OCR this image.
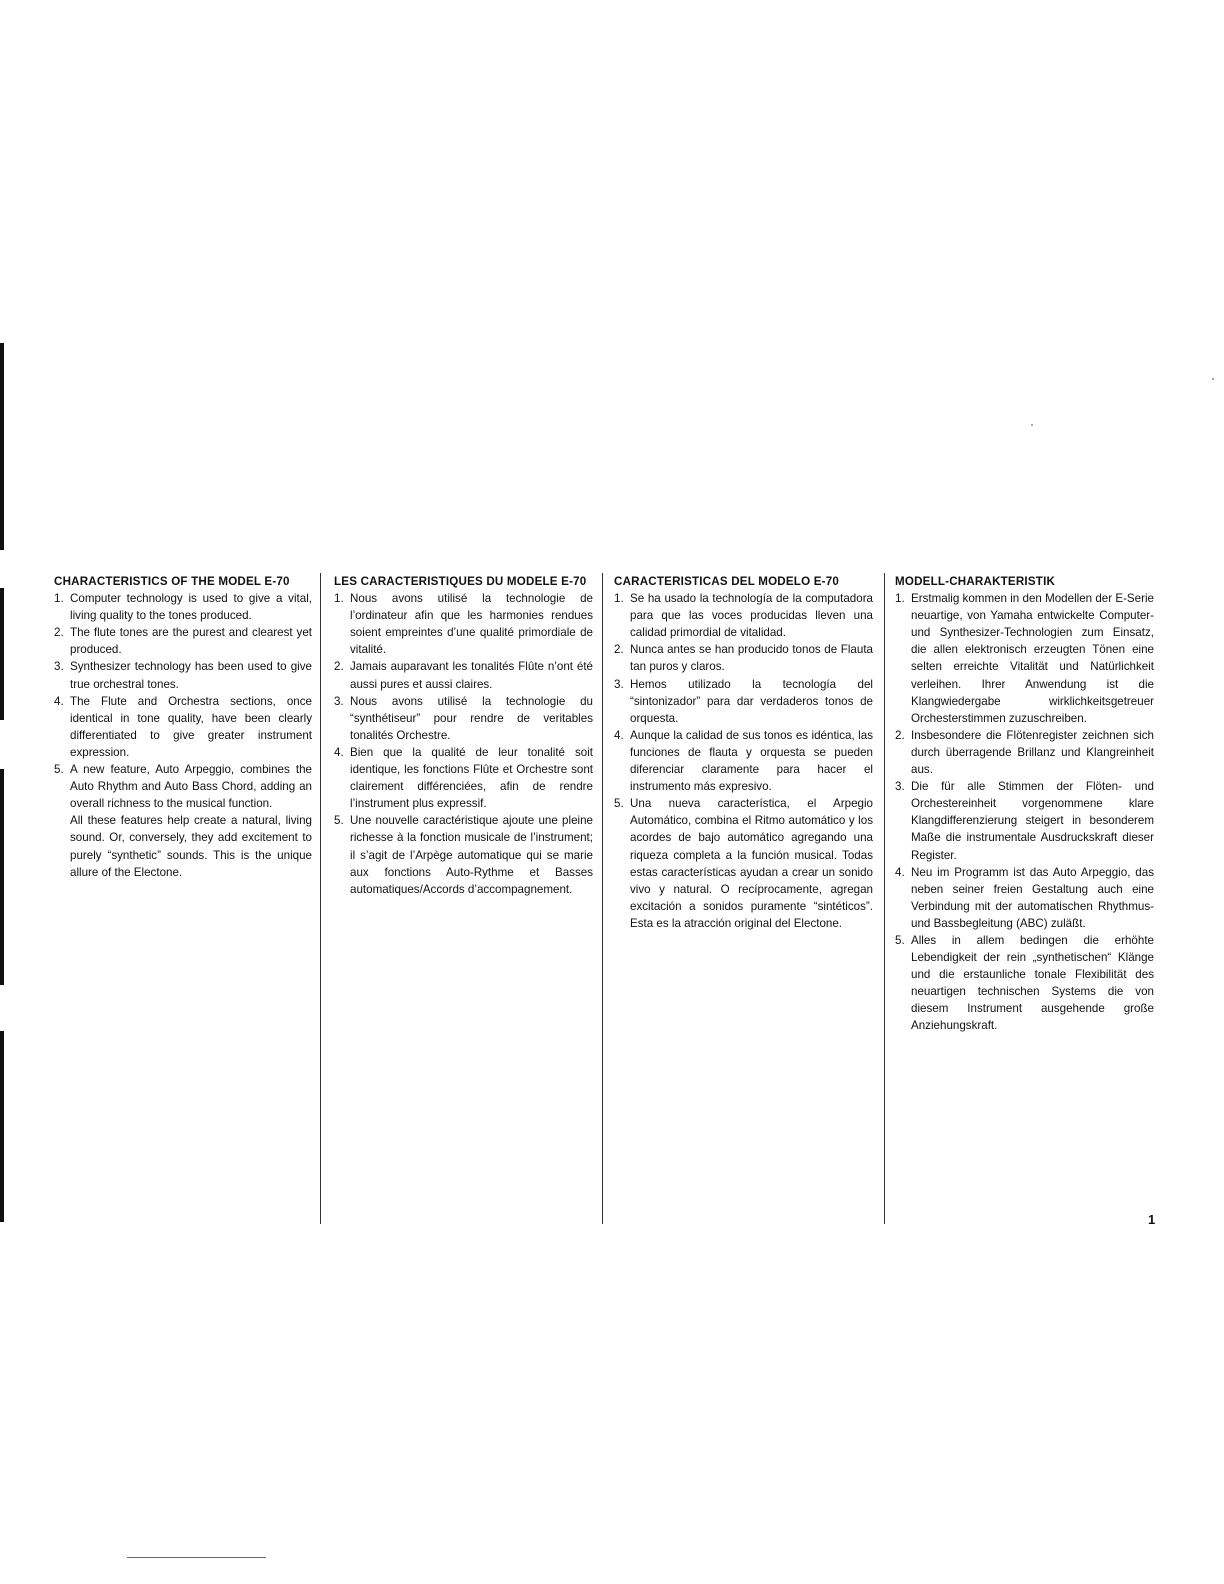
CHARACTERISTICS OF THE MODEL E-70

1. Computer technology is used to give a vital, living quality to the tones produced.
2. The flute tones are the purest and clearest yet produced.
3. Synthesizer technology has been used to give true orchestral tones.
4. The Flute and Orchestra sections, once identical in tone quality, have been clearly differentiated to give greater instrument expression.
5. A new feature, Auto Arpeggio, combines the Auto Rhythm and Auto Bass Chord, adding an overall richness to the musical function.

All these features help create a natural, living sound. Or, conversely, they add excitement to purely “synthetic” sounds. This is the unique allure of the Electone.

LES CARACTERISTIQUES DU MODELE E-70

1. Nous avons utilisé la technologie de l’ordinateur afin que les harmonies rendues soient empreintes d’une qualité primordiale de vitalité.
2. Jamais auparavant les tonalités Flûte n’ont été aussi pures et aussi claires.
3. Nous avons utilisé la technologie du “synthétiseur” pour rendre de veritables tonalités Orchestre.
4. Bien que la qualité de leur tonalité soit identique, les fonctions Flûte et Orchestre sont clairement différenciées, afin de rendre l’instrument plus expressif.
5. Une nouvelle caractéristique ajoute une pleine richesse à la fonction musicale de l’instrument; il s’agit de l’Arpège automatique qui se marie aux fonctions Auto-Rythme et Basses automatiques/Accords d’accompagnement.

CARACTERISTICAS DEL MODELO E-70

1. Se ha usado la technología de la computadora para que las voces producidas lleven una calidad primordial de vitalidad.
2. Nunca antes se han producido tonos de Flauta tan puros y claros.
3. Hemos utilizado la tecnología del “sintonizador” para dar verdaderos tonos de orquesta.
4. Aunque la calidad de sus tonos es idéntica, las funciones de flauta y orquesta se pueden diferenciar claramente para hacer el instrumento más expresivo.
5. Una nueva característica, el Arpegio Automático, combina el Ritmo automático y los acordes de bajo automático agregando una riqueza completa a la función musical. Todas estas características ayudan a crear un sonido vivo y natural. O recíprocamente, agregan excitación a sonidos puramente “sintéticos”. Esta es la atracción original del Electone.

MODELL-CHARAKTERISTIK

1. Erstmalig kommen in den Modellen der E-Serie neuartige, von Yamaha entwickelte Computer- und Synthesizer-Technologien zum Einsatz, die allen elektronisch erzeugten Tönen eine selten erreichte Vitalität und Natürlichkeit verleihen. Ihrer Anwendung ist die Klangwiedergabe wirklichkeitsgetreuer Orchesterstimmen zuzuschreiben.
2. Insbesondere die Flötenregister zeichnen sich durch überragende Brillanz und Klangreinheit aus.
3. Die für alle Stimmen der Flöten- und Orchestereinheit vorgenommene klare Klangdifferenzierung steigert in besonderem Maße die instrumentale Ausdruckskraft dieser Register.
4. Neu im Programm ist das Auto Arpeggio, das neben seiner freien Gestaltung auch eine Verbindung mit der automatischen Rhythmus- und Bassbegleitung (ABC) zuläßt.
5. Alles in allem bedingen die erhöhte Lebendigkeit der rein „synthetischen“ Klänge und die erstaunliche tonale Flexibilität des neuartigen technischen Systems die von diesem Instrument ausgehende große Anziehungskraft.
1
